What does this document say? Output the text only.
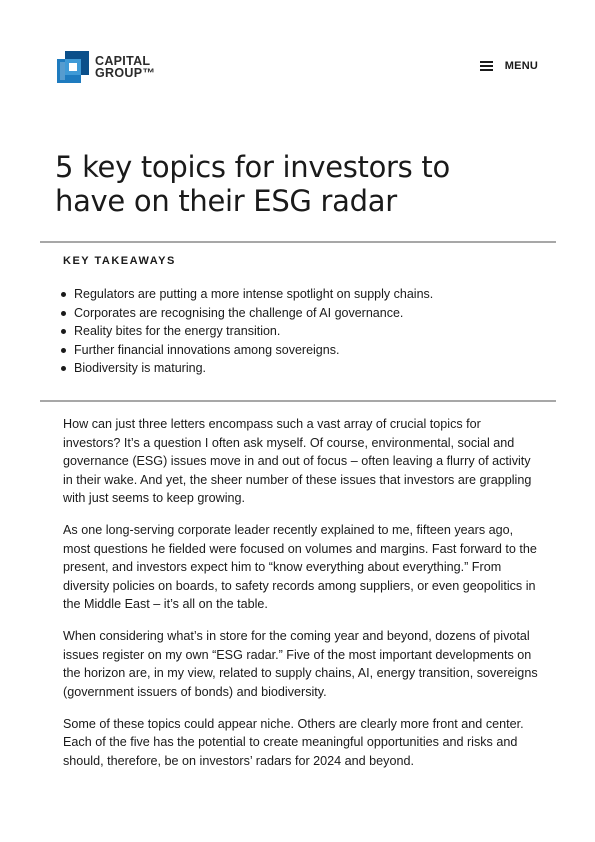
CAPITAL
GROUP™	MENU
5 key topics for investors to have on their ESG radar
KEY TAKEAWAYS
Regulators are putting a more intense spotlight on supply chains.
Corporates are recognising the challenge of AI governance.
Reality bites for the energy transition.
Further financial innovations among sovereigns.
Biodiversity is maturing.

How can just three letters encompass such a vast array of crucial topics for investors? It’s a question I often ask myself. Of course, environmental, social and governance (ESG) issues move in and out of focus – often leaving a flurry of activity in their wake. And yet, the sheer number of these issues that investors are grappling with just seems to keep growing.

As one long-serving corporate leader recently explained to me, fifteen years ago, most questions he fielded were focused on volumes and margins. Fast forward to the present, and investors expect him to “know everything about everything.” From diversity policies on boards, to safety records among suppliers, or even geopolitics in the Middle East – it’s all on the table.

When considering what’s in store for the coming year and beyond, dozens of pivotal issues register on my own “ESG radar.” Five of the most important developments on the horizon are, in my view, related to supply chains, AI, energy transition, sovereigns (government issuers of bonds) and biodiversity.

Some of these topics could appear niche. Others are clearly more front and center. Each of the five has the potential to create meaningful opportunities and risks and should, therefore, be on investors’ radars for 2024 and beyond.
